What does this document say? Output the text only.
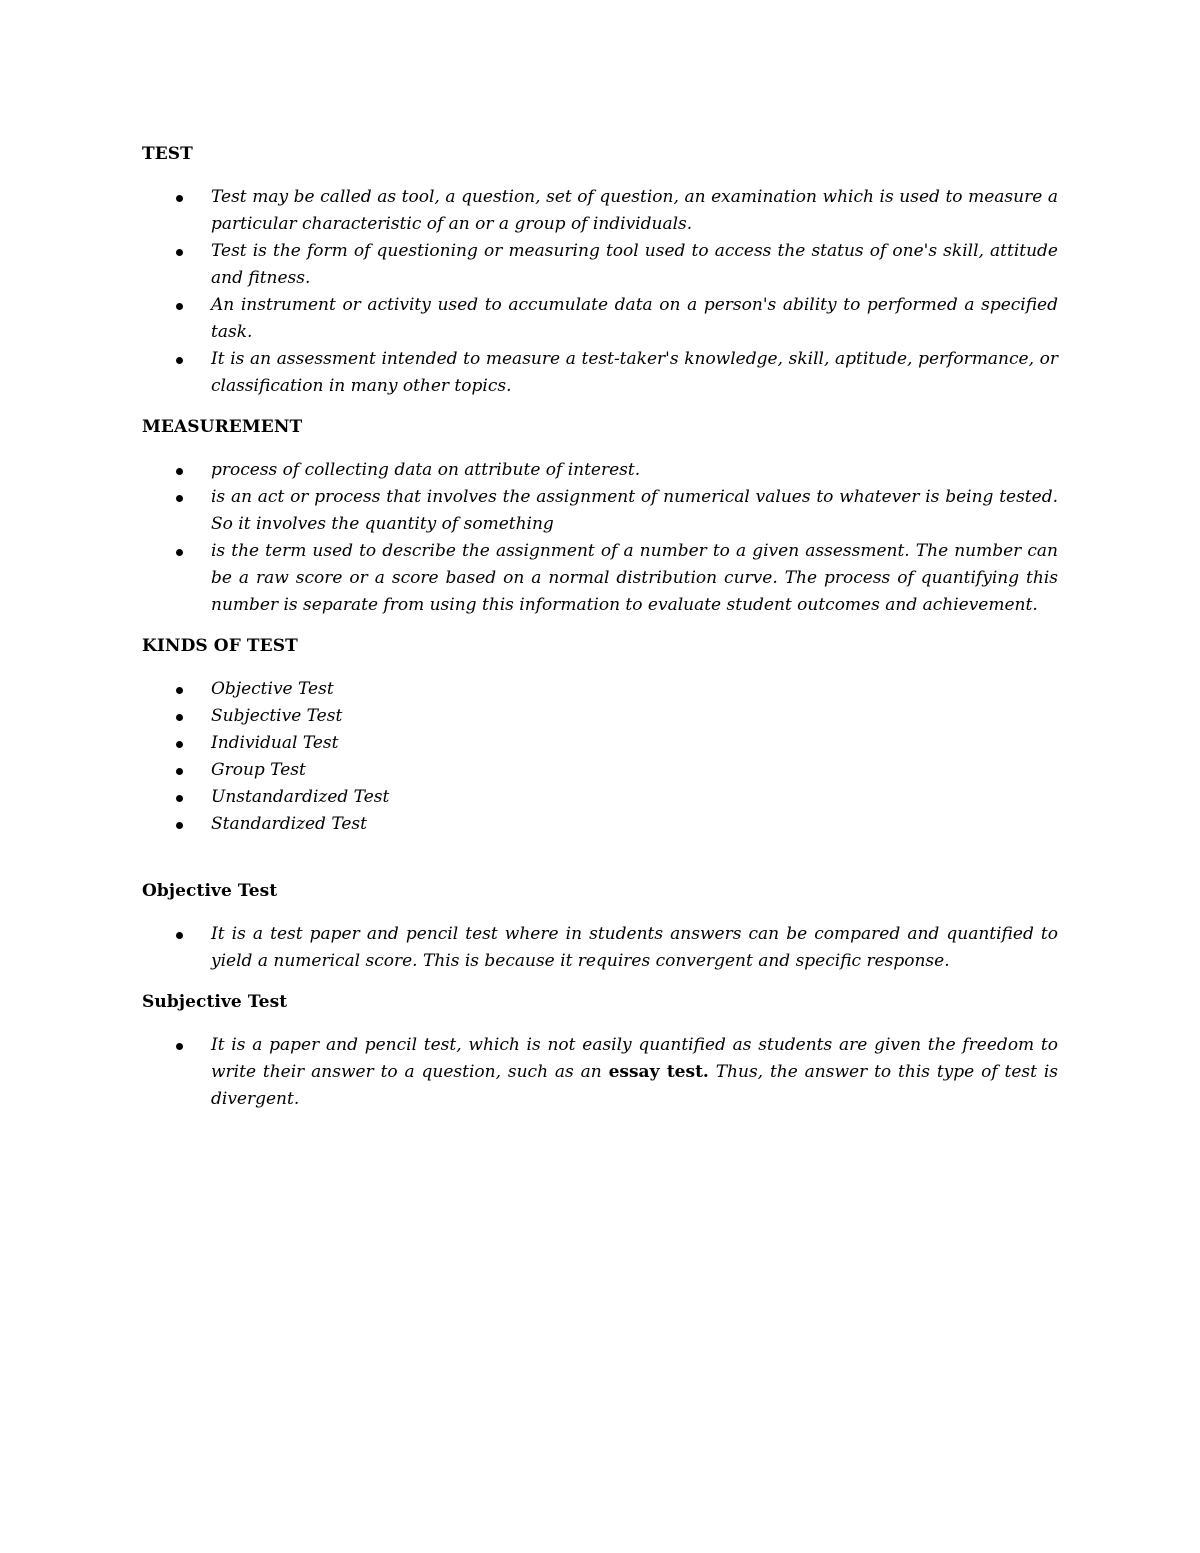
TEST
Test may be called as tool, a question, set of question, an examination which is used to measure a particular characteristic of an or a group of individuals.
Test is the form of questioning or measuring tool used to access the status of one's skill, attitude and fitness.
An instrument or activity used to accumulate data on a person's ability to performed a specified task.
It is an assessment intended to measure a test-taker's knowledge, skill, aptitude, performance, or classification in many other topics.
MEASUREMENT
process of collecting data on attribute of interest.
is an act or process that involves the assignment of numerical values to whatever is being tested. So it involves the quantity of something
is the term used to describe the assignment of a number to a given assessment. The number can be a raw score or a score based on a normal distribution curve. The process of quantifying this number is separate from using this information to evaluate student outcomes and achievement.
KINDS OF TEST
Objective Test
Subjective Test
Individual Test
Group Test
Unstandardized Test
Standardized Test
Objective Test
It is a test paper and pencil test where in students answers can be compared and quantified to yield a numerical score. This is because it requires convergent and specific response.
Subjective Test
It is a paper and pencil test, which is not easily quantified as students are given the freedom to write their answer to a question, such as an essay test. Thus, the answer to this type of test is divergent.
